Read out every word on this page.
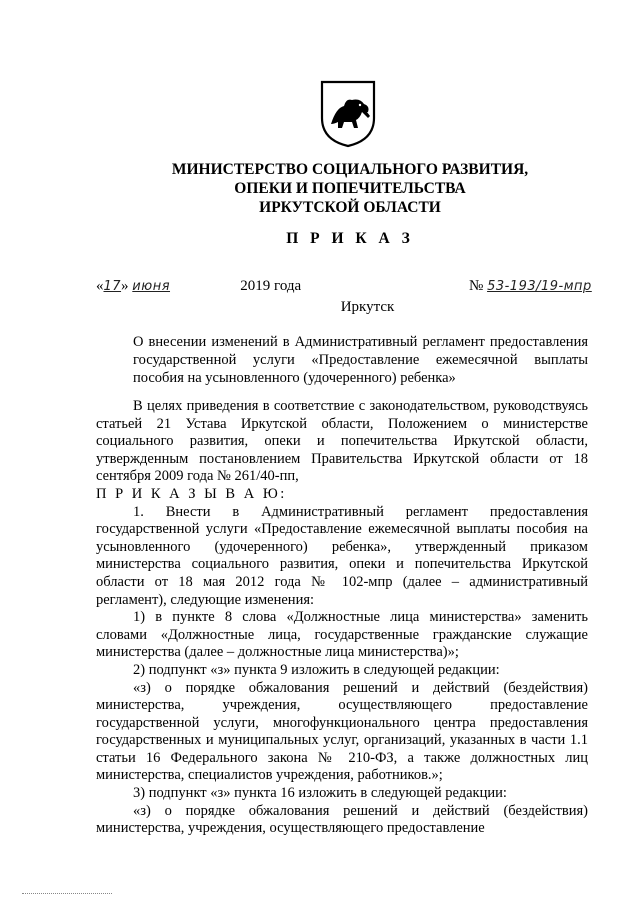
МИНИСТЕРСТВО СОЦИАЛЬНОГО РАЗВИТИЯ,
ОПЕКИ И ПОПЕЧИТЕЛЬСТВА
ИРКУТСКОЙ ОБЛАСТИ
П Р И К А З
«17» июня	2019 года	№ 53-193/19-мпр
Иркутск
О внесении изменений в Административный регламент предоставления государственной услуги «Предоставление ежемесячной выплаты пособия на усыновленного (удочеренного) ребенка»

В целях приведения в соответствие с законодательством, руководствуясь статьей 21 Устава Иркутской области, Положением о министерстве социального развития, опеки и попечительства Иркутской области, утвержденным постановлением Правительства Иркутской области от 18 сентября 2009 года № 261/40-пп,

П Р И К А З Ы В А Ю:

1. Внести в Административный регламент предоставления государственной услуги «Предоставление ежемесячной выплаты пособия на усыновленного (удочеренного) ребенка», утвержденный приказом министерства социального развития, опеки и попечительства Иркутской области от 18 мая 2012 года № 102-мпр (далее – административный регламент), следующие изменения:

1) в пункте 8 слова «Должностные лица министерства» заменить словами «Должностные лица, государственные гражданские служащие министерства (далее – должностные лица министерства)»;

2) подпункт «з» пункта 9 изложить в следующей редакции:

«з) о порядке обжалования решений и действий (бездействия) министерства, учреждения, осуществляющего предоставление государственной услуги, многофункционального центра предоставления государственных и муниципальных услуг, организаций, указанных в части 1.1 статьи 16 Федерального закона № 210-ФЗ, а также должностных лиц министерства, специалистов учреждения, работников.»;

3) подпункт «з» пункта 16 изложить в следующей редакции:

«з) о порядке обжалования решений и действий (бездействия) министерства, учреждения, осуществляющего предоставление
